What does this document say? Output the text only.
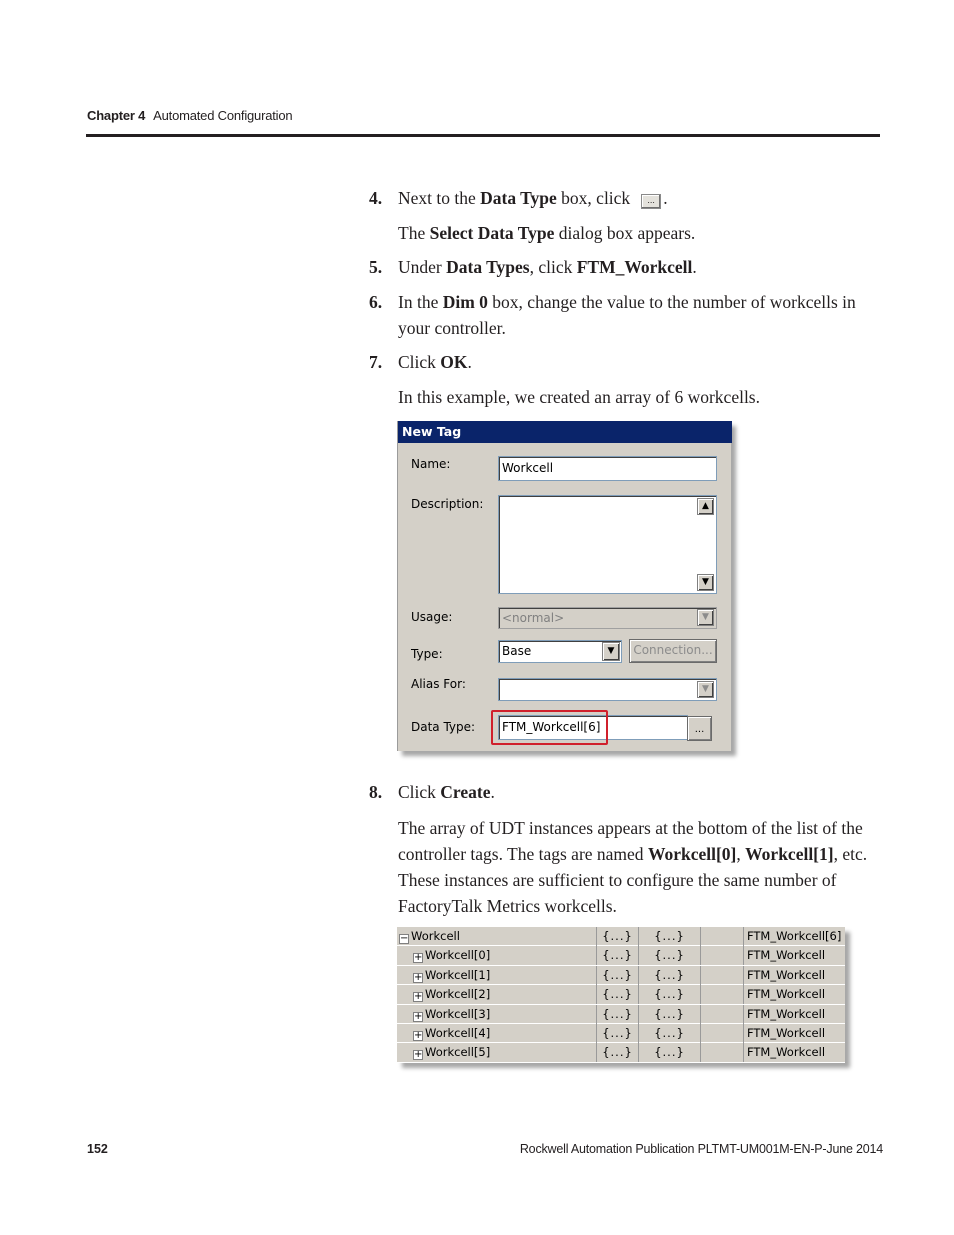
Chapter 4 Automated Configuration
4. Next to the Data Type box, click ... .
The Select Data Type dialog box appears.
5. Under Data Types, click FTM_Workcell.
6. In the Dim 0 box, change the value to the number of workcells in your controller.
7. Click OK.
In this example, we created an array of 6 workcells.
8. Click Create.
The array of UDT instances appears at the bottom of the list of the controller tags. The tags are named Workcell[0], Workcell[1], etc. These instances are sufficient to configure the same number of FactoryTalk Metrics workcells.
New Tag
Name:	Workcell
Description:	▲
▼
Usage:	<normal>	▼
Type:	Base	▼	Connection...
Alias For:	▼
Data Type:	FTM_Workcell[6]	...
− Workcell	{...}	{...}	FTM_Workcell[6]
+ Workcell[0]	{...}	{...}	FTM_Workcell
+ Workcell[1]	{...}	{...}	FTM_Workcell
+ Workcell[2]	{...}	{...}	FTM_Workcell
+ Workcell[3]	{...}	{...}	FTM_Workcell
+ Workcell[4]	{...}	{...}	FTM_Workcell
+ Workcell[5]	{...}	{...}	FTM_Workcell
152	Rockwell Automation Publication PLTMT-UM001M-EN-P-June 2014
